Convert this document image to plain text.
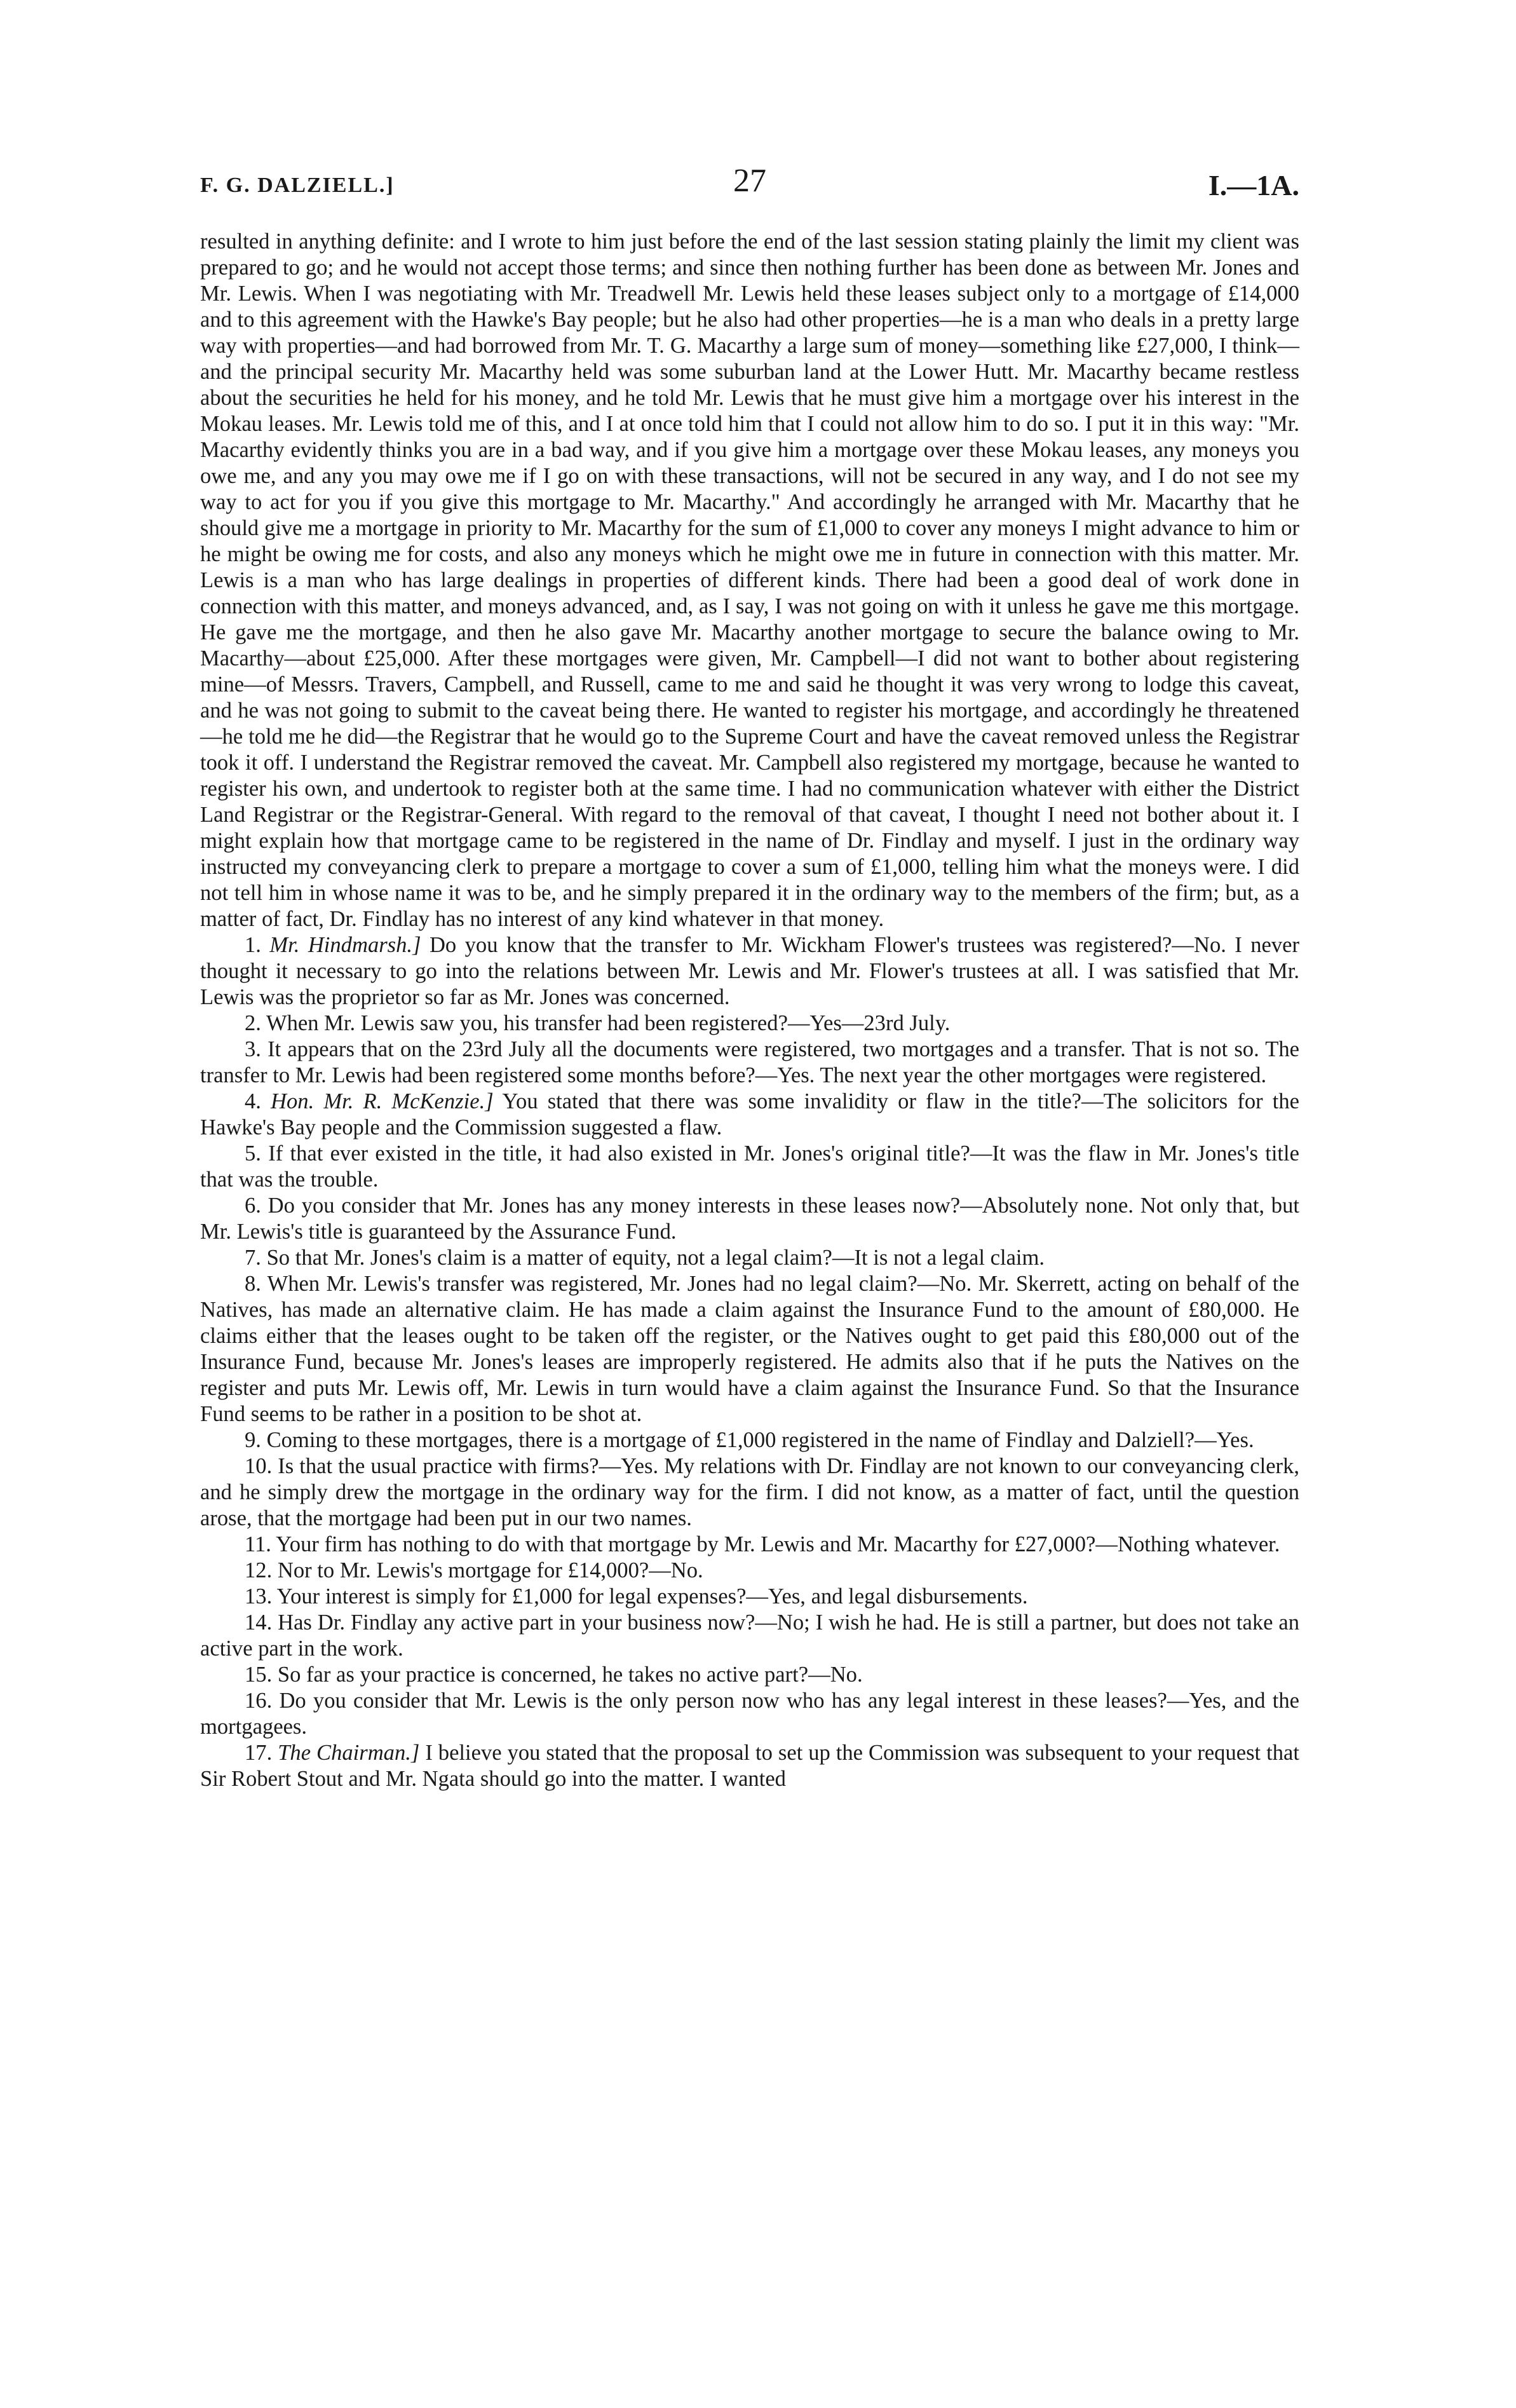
F. G. DALZIELL.]	27	I.—1A.

resulted in anything definite: and I wrote to him just before the end of the last session stating plainly the limit my client was prepared to go; and he would not accept those terms; and since then nothing further has been done as between Mr. Jones and Mr. Lewis. When I was negotiating with Mr. Treadwell Mr. Lewis held these leases subject only to a mortgage of £14,000 and to this agreement with the Hawke's Bay people; but he also had other properties—he is a man who deals in a pretty large way with properties—and had borrowed from Mr. T. G. Macarthy a large sum of money—something like £27,000, I think—and the principal security Mr. Macarthy held was some suburban land at the Lower Hutt. Mr. Macarthy became restless about the securities he held for his money, and he told Mr. Lewis that he must give him a mortgage over his interest in the Mokau leases. Mr. Lewis told me of this, and I at once told him that I could not allow him to do so. I put it in this way: "Mr. Macarthy evidently thinks you are in a bad way, and if you give him a mortgage over these Mokau leases, any moneys you owe me, and any you may owe me if I go on with these transactions, will not be secured in any way, and I do not see my way to act for you if you give this mortgage to Mr. Macarthy." And accordingly he arranged with Mr. Macarthy that he should give me a mortgage in priority to Mr. Macarthy for the sum of £1,000 to cover any moneys I might advance to him or he might be owing me for costs, and also any moneys which he might owe me in future in connection with this matter. Mr. Lewis is a man who has large dealings in properties of different kinds. There had been a good deal of work done in connection with this matter, and moneys advanced, and, as I say, I was not going on with it unless he gave me this mortgage. He gave me the mortgage, and then he also gave Mr. Macarthy another mortgage to secure the balance owing to Mr. Macarthy—about £25,000. After these mortgages were given, Mr. Campbell—I did not want to bother about registering mine—of Messrs. Travers, Campbell, and Russell, came to me and said he thought it was very wrong to lodge this caveat, and he was not going to submit to the caveat being there. He wanted to register his mortgage, and accordingly he threatened—he told me he did—the Registrar that he would go to the Supreme Court and have the caveat removed unless the Registrar took it off. I understand the Registrar removed the caveat. Mr. Campbell also registered my mortgage, because he wanted to register his own, and undertook to register both at the same time. I had no communication whatever with either the District Land Registrar or the Registrar-General. With regard to the removal of that caveat, I thought I need not bother about it. I might explain how that mortgage came to be registered in the name of Dr. Findlay and myself. I just in the ordinary way instructed my conveyancing clerk to prepare a mortgage to cover a sum of £1,000, telling him what the moneys were. I did not tell him in whose name it was to be, and he simply prepared it in the ordinary way to the members of the firm; but, as a matter of fact, Dr. Findlay has no interest of any kind whatever in that money.

1. Mr. Hindmarsh.] Do you know that the transfer to Mr. Wickham Flower's trustees was registered?—No. I never thought it necessary to go into the relations between Mr. Lewis and Mr. Flower's trustees at all. I was satisfied that Mr. Lewis was the proprietor so far as Mr. Jones was concerned.

2. When Mr. Lewis saw you, his transfer had been registered?—Yes—23rd July.

3. It appears that on the 23rd July all the documents were registered, two mortgages and a transfer. That is not so. The transfer to Mr. Lewis had been registered some months before?—Yes. The next year the other mortgages were registered.

4. Hon. Mr. R. McKenzie.] You stated that there was some invalidity or flaw in the title?—The solicitors for the Hawke's Bay people and the Commission suggested a flaw.

5. If that ever existed in the title, it had also existed in Mr. Jones's original title?—It was the flaw in Mr. Jones's title that was the trouble.

6. Do you consider that Mr. Jones has any money interests in these leases now?—Absolutely none. Not only that, but Mr. Lewis's title is guaranteed by the Assurance Fund.

7. So that Mr. Jones's claim is a matter of equity, not a legal claim?—It is not a legal claim.

8. When Mr. Lewis's transfer was registered, Mr. Jones had no legal claim?—No. Mr. Skerrett, acting on behalf of the Natives, has made an alternative claim. He has made a claim against the Insurance Fund to the amount of £80,000. He claims either that the leases ought to be taken off the register, or the Natives ought to get paid this £80,000 out of the Insurance Fund, because Mr. Jones's leases are improperly registered. He admits also that if he puts the Natives on the register and puts Mr. Lewis off, Mr. Lewis in turn would have a claim against the Insurance Fund. So that the Insurance Fund seems to be rather in a position to be shot at.

9. Coming to these mortgages, there is a mortgage of £1,000 registered in the name of Findlay and Dalziell?—Yes.

10. Is that the usual practice with firms?—Yes. My relations with Dr. Findlay are not known to our conveyancing clerk, and he simply drew the mortgage in the ordinary way for the firm. I did not know, as a matter of fact, until the question arose, that the mortgage had been put in our two names.

11. Your firm has nothing to do with that mortgage by Mr. Lewis and Mr. Macarthy for £27,000?—Nothing whatever.

12. Nor to Mr. Lewis's mortgage for £14,000?—No.

13. Your interest is simply for £1,000 for legal expenses?—Yes, and legal disbursements.

14. Has Dr. Findlay any active part in your business now?—No; I wish he had. He is still a partner, but does not take an active part in the work.

15. So far as your practice is concerned, he takes no active part?—No.

16. Do you consider that Mr. Lewis is the only person now who has any legal interest in these leases?—Yes, and the mortgagees.

17. The Chairman.] I believe you stated that the proposal to set up the Commission was subsequent to your request that Sir Robert Stout and Mr. Ngata should go into the matter. I wanted
